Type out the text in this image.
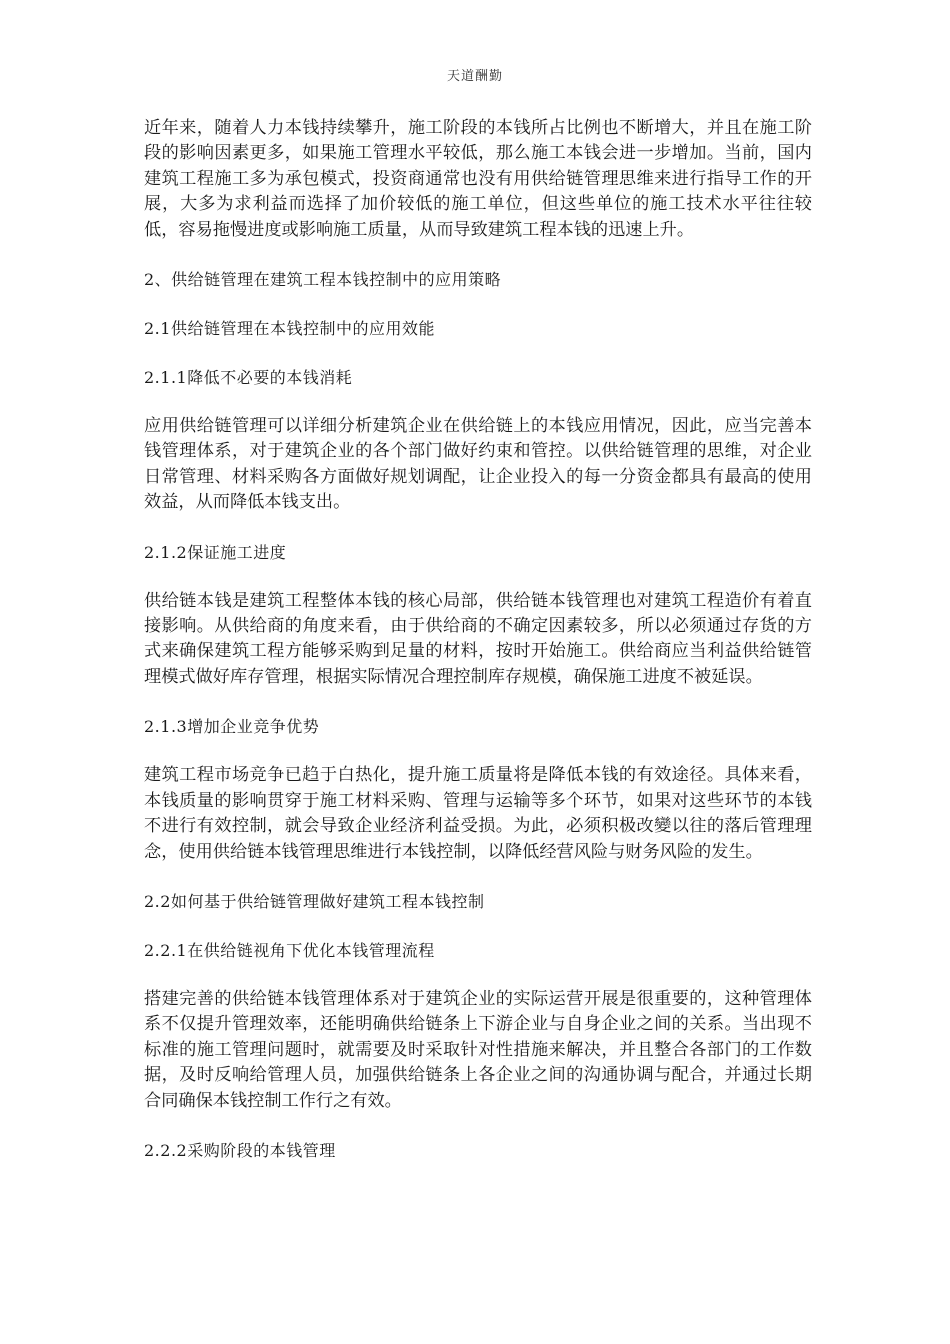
天道酬勤

近年来，随着人力本钱持续攀升，施工阶段的本钱所占比例也不断增大，并且在施工阶段的影响因素更多，如果施工管理水平较低，那么施工本钱会进一步增加。当前，国内建筑工程施工多为承包模式，投资商通常也没有用供给链管理思维来进行指导工作的开展，大多为求利益而选择了加价较低的施工单位，但这些单位的施工技术水平往往较低，容易拖慢进度或影响施工质量，从而导致建筑工程本钱的迅速上升。

2、供给链管理在建筑工程本钱控制中的应用策略
2.1供给链管理在本钱控制中的应用效能
2.1.1降低不必要的本钱消耗

应用供给链管理可以详细分析建筑企业在供给链上的本钱应用情况，因此，应当完善本钱管理体系，对于建筑企业的各个部门做好约束和管控。以供给链管理的思维，对企业日常管理、材料采购各方面做好规划调配，让企业投入的每一分资金都具有最高的使用效益，从而降低本钱支出。

2.1.2保证施工进度

供给链本钱是建筑工程整体本钱的核心局部，供给链本钱管理也对建筑工程造价有着直接影响。从供给商的角度来看，由于供给商的不确定因素较多，所以必须通过存货的方式来确保建筑工程方能够采购到足量的材料，按时开始施工。供给商应当利益供给链管理模式做好库存管理，根据实际情况合理控制库存规模，确保施工进度不被延误。

2.1.3增加企业竞争优势

建筑工程市场竞争已趋于白热化，提升施工质量将是降低本钱的有效途径。具体来看，本钱质量的影响贯穿于施工材料采购、管理与运输等多个环节，如果对这些环节的本钱不进行有效控制，就会导致企业经济利益受损。为此，必须积极改變以往的落后管理理念，使用供给链本钱管理思维进行本钱控制，以降低经营风险与财务风险的发生。

2.2如何基于供给链管理做好建筑工程本钱控制
2.2.1在供给链视角下优化本钱管理流程

搭建完善的供给链本钱管理体系对于建筑企业的实际运营开展是很重要的，这种管理体系不仅提升管理效率，还能明确供给链条上下游企业与自身企业之间的关系。当出现不标准的施工管理问题时，就需要及时采取针对性措施来解决，并且整合各部门的工作数据，及时反响给管理人员，加强供给链条上各企业之间的沟通协调与配合，并通过长期合同确保本钱控制工作行之有效。

2.2.2采购阶段的本钱管理
